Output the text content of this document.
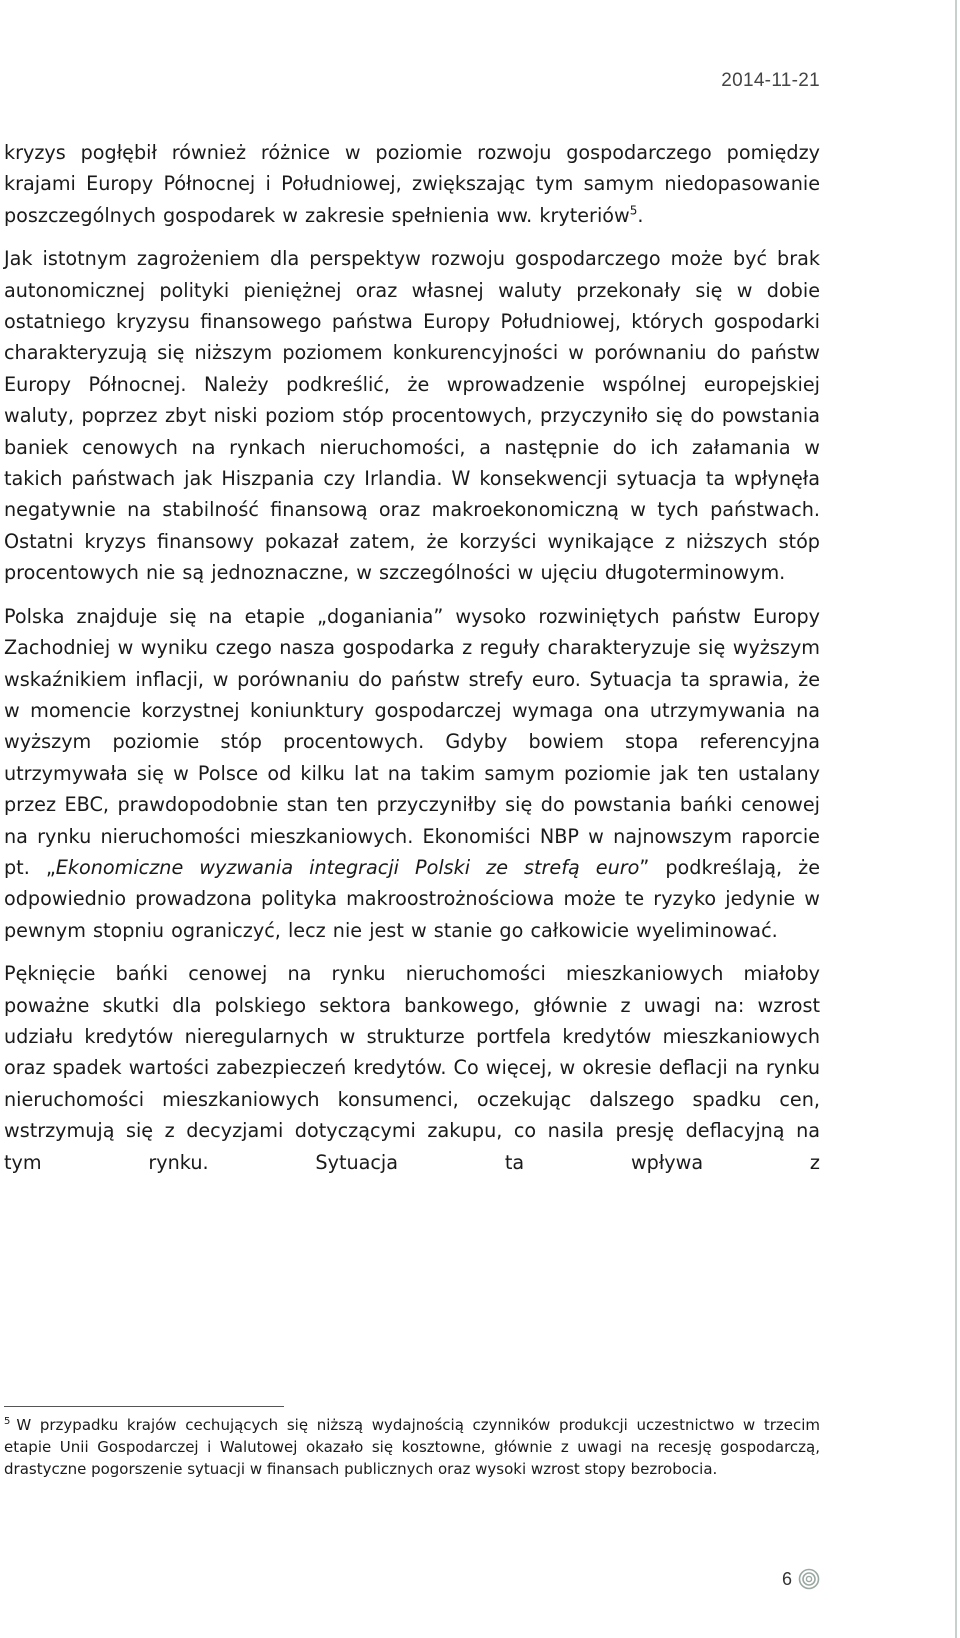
2014-11-21

kryzys pogłębił również różnice w poziomie rozwoju gospodarczego pomiędzy krajami Europy Północnej i Południowej, zwiększając tym samym niedopasowanie poszczególnych gospodarek w zakresie spełnienia ww. kryteriów$^5$.

Jak istotnym zagrożeniem dla perspektyw rozwoju gospodarczego może być brak autonomicznej polityki pieniężnej oraz własnej waluty przekonały się w dobie ostatniego kryzysu finansowego państwa Europy Południowej, których gospodarki charakteryzują się niższym poziomem konkurencyjności w porównaniu do państw Europy Północnej. Należy podkreślić, że wprowadzenie wspólnej europejskiej waluty, poprzez zbyt niski poziom stóp procentowych, przyczyniło się do powstania baniek cenowych na rynkach nieruchomości, a następnie do ich załamania w takich państwach jak Hiszpania czy Irlandia. W konsekwencji sytuacja ta wpłynęła negatywnie na stabilność finansową oraz makroekonomiczną w tych państwach. Ostatni kryzys finansowy pokazał zatem, że korzyści wynikające z niższych stóp procentowych nie są jednoznaczne, w szczególności w ujęciu długoterminowym.

Polska znajduje się na etapie „doganiania” wysoko rozwiniętych państw Europy Zachodniej w wyniku czego nasza gospodarka z reguły charakteryzuje się wyższym wskaźnikiem inflacji, w porównaniu do państw strefy euro. Sytuacja ta sprawia, że w momencie korzystnej koniunktury gospodarczej wymaga ona utrzymywania na wyższym poziomie stóp procentowych. Gdyby bowiem stopa referencyjna utrzymywała się w Polsce od kilku lat na takim samym poziomie jak ten ustalany przez EBC, prawdopodobnie stan ten przyczyniłby się do powstania bańki cenowej na rynku nieruchomości mieszkaniowych. Ekonomiści NBP w najnowszym raporcie pt. „Ekonomiczne wyzwania integracji Polski ze strefą euro” podkreślają, że odpowiednio prowadzona polityka makroostrożnościowa może te ryzyko jedynie w pewnym stopniu ograniczyć, lecz nie jest w stanie go całkowicie wyeliminować.

Pęknięcie bańki cenowej na rynku nieruchomości mieszkaniowych miałoby poważne skutki dla polskiego sektora bankowego, głównie z uwagi na: wzrost udziału kredytów nieregularnych w strukturze portfela kredytów mieszkaniowych oraz spadek wartości zabezpieczeń kredytów. Co więcej, w okresie deflacji na rynku nieruchomości mieszkaniowych konsumenci, oczekując dalszego spadku cen, wstrzymują się z decyzjami dotyczącymi zakupu, co nasila presję deflacyjną na tym rynku. Sytuacja ta wpływa z

$^5$ W przypadku krajów cechujących się niższą wydajnością czynników produkcji uczestnictwo w trzecim etapie Unii Gospodarczej i Walutowej okazało się kosztowne, głównie z uwagi na recesję gospodarczą, drastyczne pogorszenie sytuacji w finansach publicznych oraz wysoki wzrost stopy bezrobocia.

6
